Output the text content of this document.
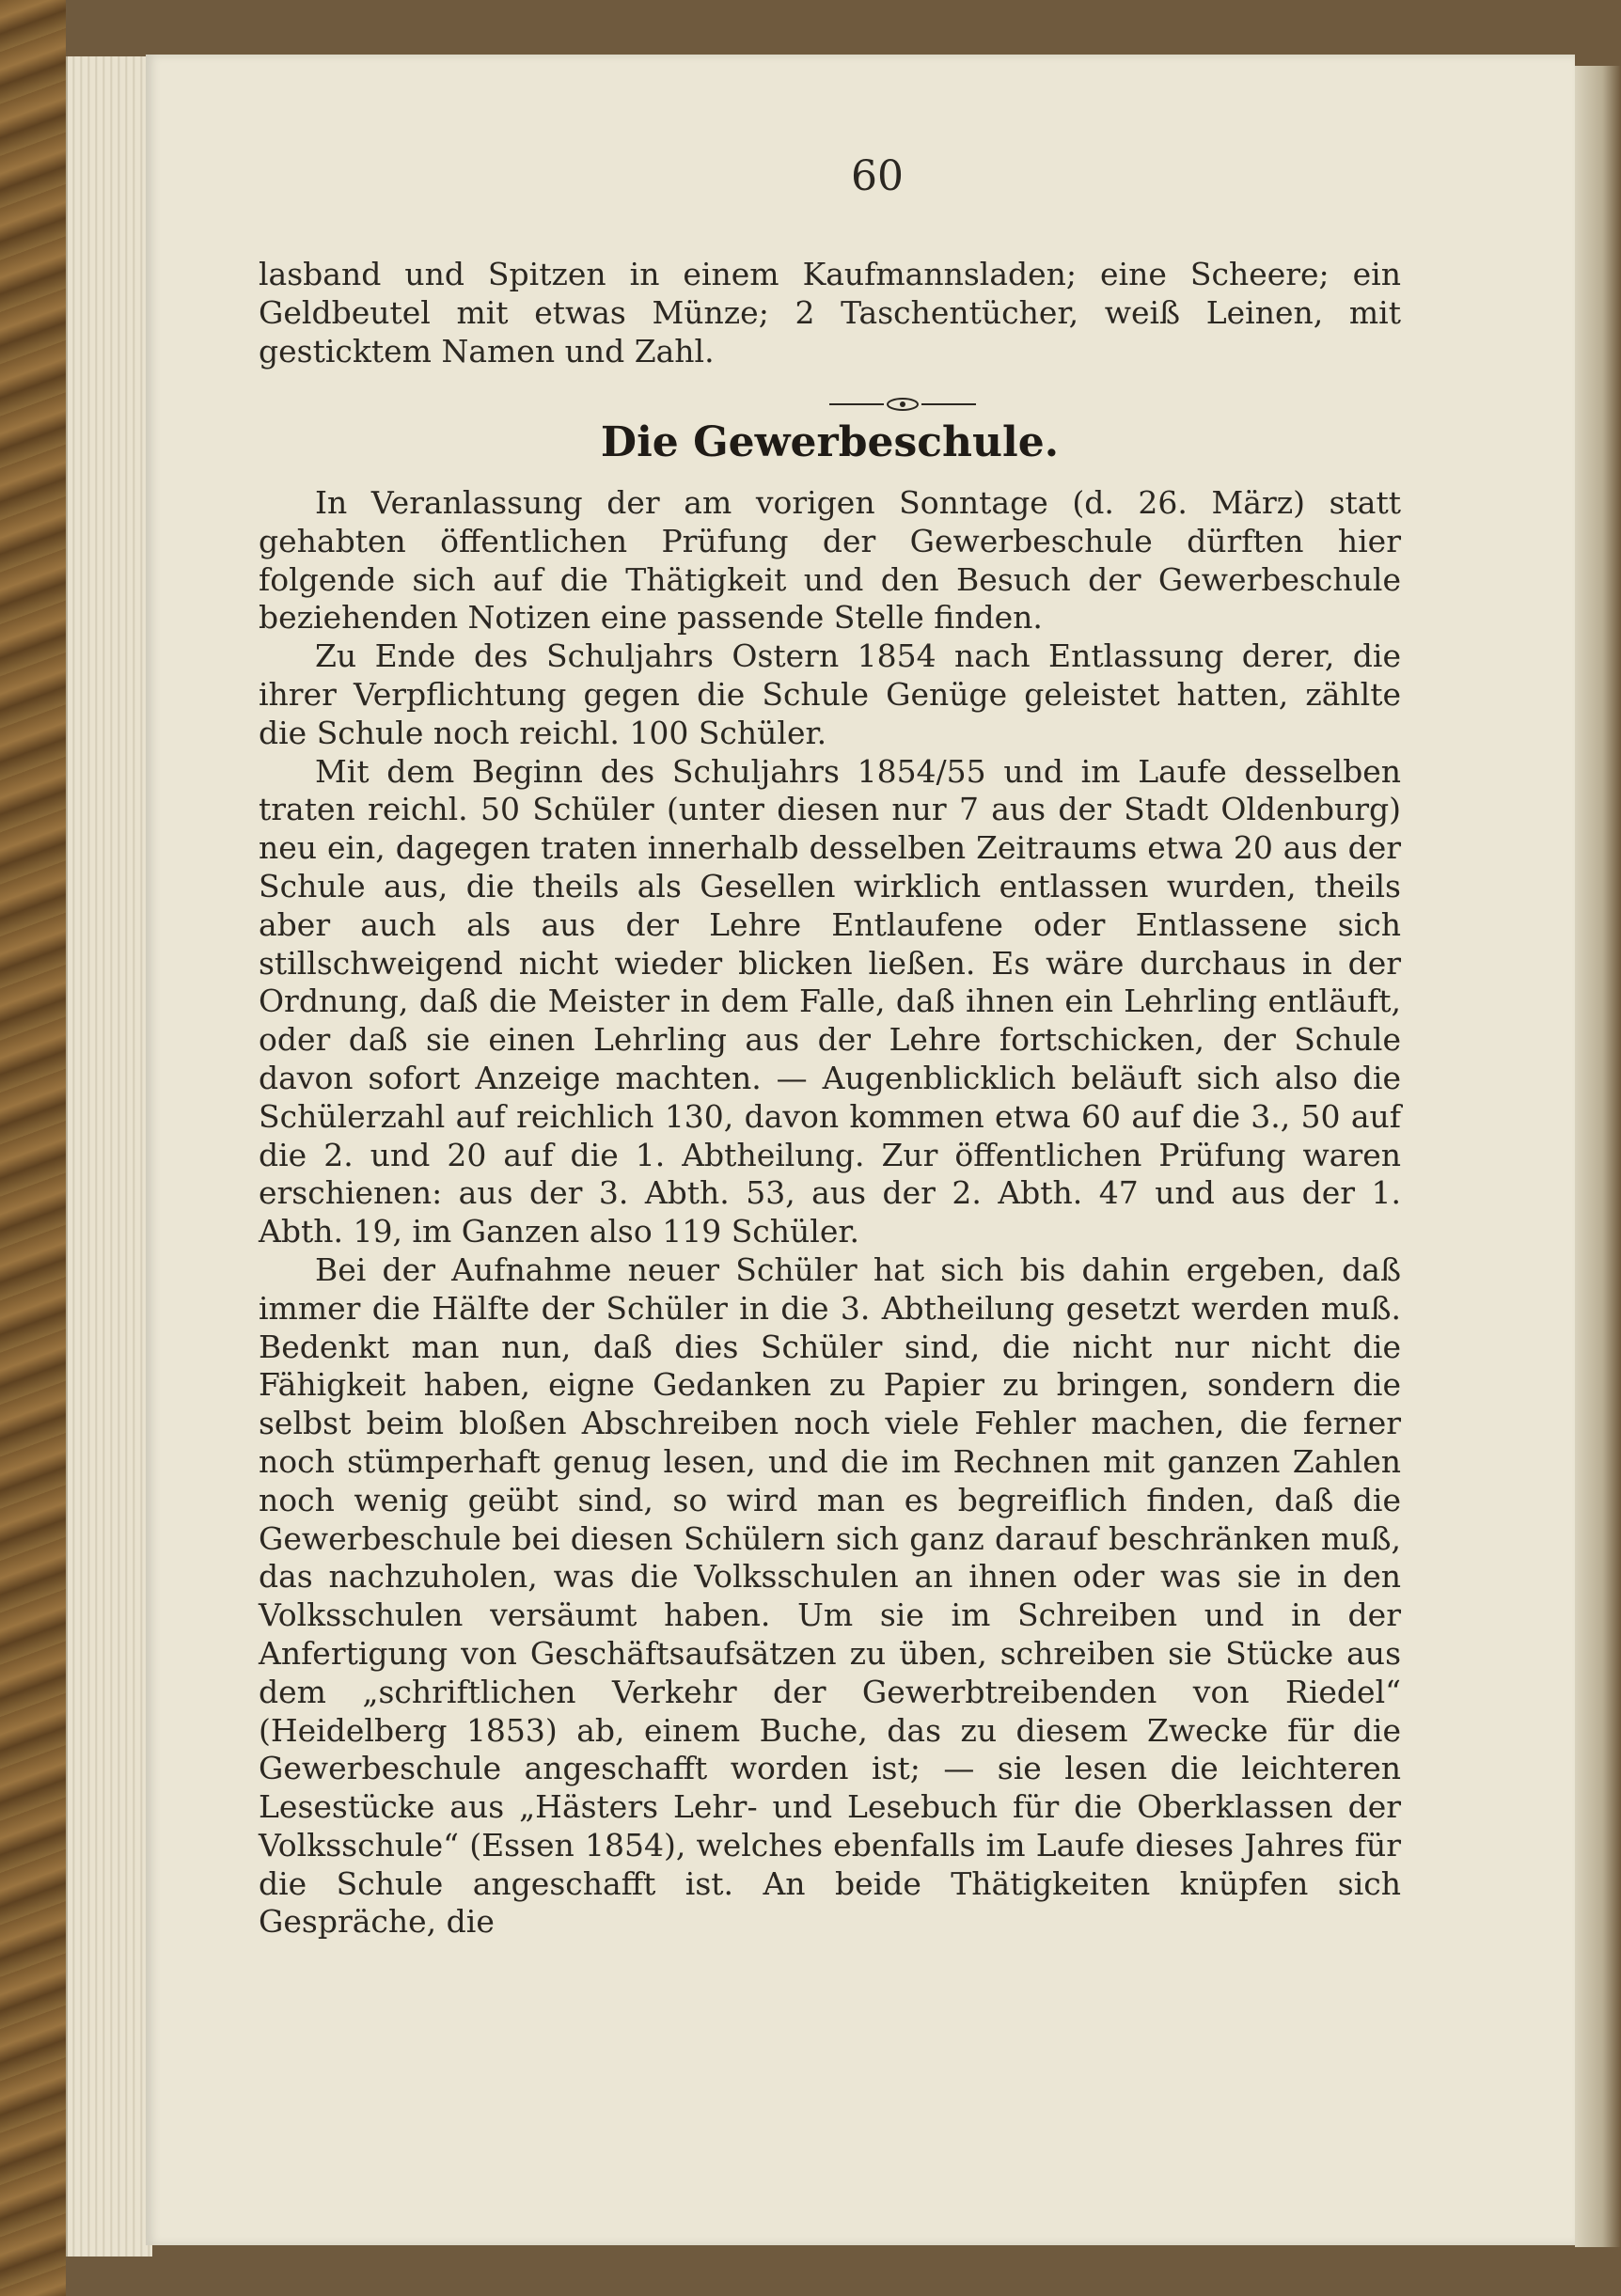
60

lasband und Spitzen in einem Kaufmannsladen; eine Scheere; ein Geldbeutel mit etwas Münze; 2 Taschentücher, weiß Leinen, mit gesticktem Namen und Zahl.

Die Gewerbeschule.

In Veranlassung der am vorigen Sonntage (d. 26. März) statt gehabten öffentlichen Prüfung der Gewerbeschule dürften hier folgende sich auf die Thätigkeit und den Besuch der Gewerbeschule beziehenden Notizen eine passende Stelle finden.

Zu Ende des Schuljahrs Ostern 1854 nach Entlassung derer, die ihrer Verpflichtung gegen die Schule Genüge geleistet hatten, zählte die Schule noch reichl. 100 Schüler.

Mit dem Beginn des Schuljahrs 1854/55 und im Laufe desselben traten reichl. 50 Schüler (unter diesen nur 7 aus der Stadt Oldenburg) neu ein, dagegen traten innerhalb desselben Zeitraums etwa 20 aus der Schule aus, die theils als Gesellen wirklich entlassen wurden, theils aber auch als aus der Lehre Entlaufene oder Entlassene sich stillschweigend nicht wieder blicken ließen. Es wäre durchaus in der Ordnung, daß die Meister in dem Falle, daß ihnen ein Lehrling entläuft, oder daß sie einen Lehrling aus der Lehre fortschicken, der Schule davon sofort Anzeige machten. — Augenblicklich beläuft sich also die Schülerzahl auf reichlich 130, davon kommen etwa 60 auf die 3., 50 auf die 2. und 20 auf die 1. Abtheilung. Zur öffentlichen Prüfung waren erschienen: aus der 3. Abth. 53, aus der 2. Abth. 47 und aus der 1. Abth. 19, im Ganzen also 119 Schüler.

Bei der Aufnahme neuer Schüler hat sich bis dahin ergeben, daß immer die Hälfte der Schüler in die 3. Abtheilung gesetzt werden muß. Bedenkt man nun, daß dies Schüler sind, die nicht nur nicht die Fähigkeit haben, eigne Gedanken zu Papier zu bringen, sondern die selbst beim bloßen Abschreiben noch viele Fehler machen, die ferner noch stümperhaft genug lesen, und die im Rechnen mit ganzen Zahlen noch wenig geübt sind, so wird man es begreiflich finden, daß die Gewerbeschule bei diesen Schülern sich ganz darauf beschränken muß, das nachzuholen, was die Volksschulen an ihnen oder was sie in den Volksschulen versäumt haben. Um sie im Schreiben und in der Anfertigung von Geschäftsaufsätzen zu üben, schreiben sie Stücke aus dem „schriftlichen Verkehr der Gewerbtreibenden von Riedel“ (Heidelberg 1853) ab, einem Buche, das zu diesem Zwecke für die Gewerbeschule angeschafft worden ist; — sie lesen die leichteren Lesestücke aus „Hästers Lehr- und Lesebuch für die Oberklassen der Volksschule“ (Essen 1854), welches ebenfalls im Laufe dieses Jahres für die Schule angeschafft ist. An beide Thätigkeiten knüpfen sich Gespräche, die
